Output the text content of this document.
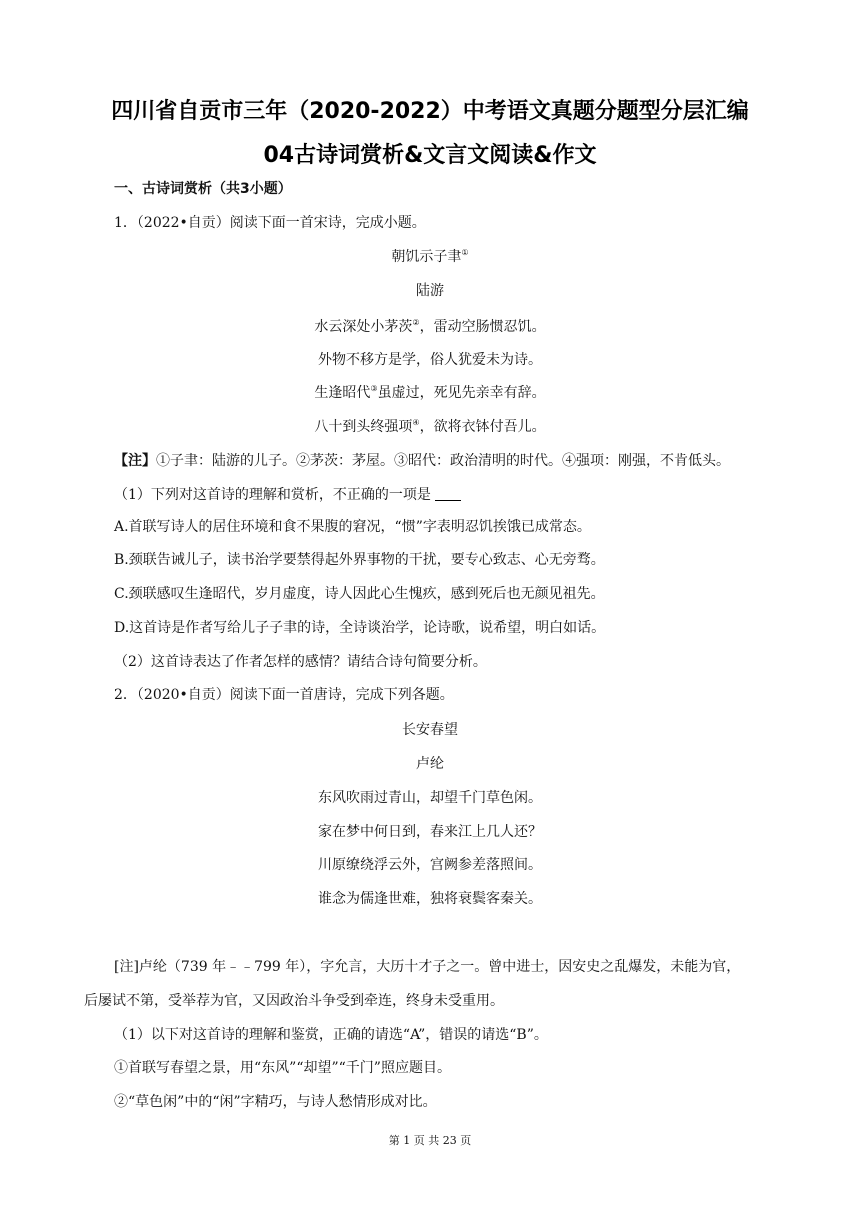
四川省自贡市三年（2020-2022）中考语文真题分题型分层汇编
04古诗词赏析&文言文阅读&作文
一、古诗词赏析（共3小题）
1．（2022•自贡）阅读下面一首宋诗，完成小题。
朝饥示子聿①
陆游
水云深处小茅茨②，雷动空肠惯忍饥。
外物不移方是学，俗人犹爱未为诗。
生逢昭代③虽虚过，死见先亲幸有辞。
八十到头终强项④，欲将衣钵付吾儿。
【注】①子聿：陆游的儿子。②茅茨：茅屋。③昭代：政治清明的时代。④强项：刚强，不肯低头。
（1）下列对这首诗的理解和赏析，不正确的一项是
A.首联写诗人的居住环境和食不果腹的窘况，“惯”字表明忍饥挨饿已成常态。
B.颈联告诫儿子，读书治学要禁得起外界事物的干扰，要专心致志、心无旁骛。
C.颈联感叹生逢昭代，岁月虚度，诗人因此心生愧疚，感到死后也无颜见祖先。
D.这首诗是作者写给儿子子聿的诗，全诗谈治学，论诗歌，说希望，明白如话。
（2）这首诗表达了作者怎样的感情？请结合诗句简要分析。
2．（2020•自贡）阅读下面一首唐诗，完成下列各题。
长安春望
卢纶
东风吹雨过青山，却望千门草色闲。
家在梦中何日到，春来江上几人还？
川原缭绕浮云外，宫阙参差落照间。
谁念为儒逢世难，独将衰鬓客秦关。
[注]卢纶（739 年﹣﹣799 年），字允言，大历十才子之一。曾中进士，因安史之乱爆发，未能为官，
后屡试不第，受举荐为官，又因政治斗争受到牵连，终身未受重用。
（1）以下对这首诗的理解和鉴赏，正确的请选“A”，错误的请选“B”。
①首联写春望之景，用“东风”“却望”“千门”照应题目。
②“草色闲”中的“闲”字精巧，与诗人愁情形成对比。
第 1 页 共 23 页
